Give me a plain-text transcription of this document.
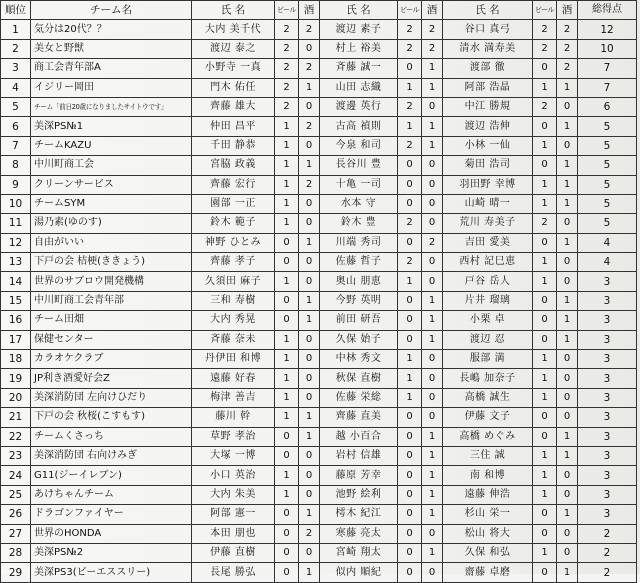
順位	チーム名	氏 名	ビール	酒	氏 名	ビール	酒	氏 名	ビール	酒	総得点
1	気分は20代？？	大内 美千代	2	2	渡辺 素子	2	2	谷口 真弓	2	2	12
2	美女と野獣	渡辺 泰之	2	0	村上 裕美	2	2	清水 満寿美	2	2	10
3	商工会青年部A	小野寺 一真	2	2	斉藤 誠一	0	1	渡部 徹	0	2	7
4	イジリー岡田	門木 佑任	2	1	山田 志織	1	1	阿部 浩晶	1	1	7
5	チーム「前日20歳になりましたサイトウです」	齊藤 雄大	2	0	渡邊 英行	2	0	中江 勝規	2	0	6
6	美深PS№1	仲田 昌平	1	2	古高 禎則	1	1	渡辺 浩伸	0	1	5
7	チームKAZU	千田 静恭	1	0	今泉 和司	2	1	小林 一仙	1	0	5
8	中川町商工会	宮脇 政義	1	1	長谷川 豊	0	0	菊田 浩司	0	1	5
9	クリーンサービス	齊藤 宏行	1	2	十亀 一司	0	0	羽田野 幸博	1	1	5
10	チームSYM	園部 一正	1	0	水本 守	0	0	山崎 晴一	1	1	5
11	湯乃素(ゆのす)	鈴木 範子	1	0	鈴木 豊	2	0	荒川 寿美子	2	0	5
12	自由がいい	神野 ひとみ	0	1	川端 秀司	0	2	吉田 愛美	0	1	4
13	下戸の会 桔梗(ききょう)	齊藤 孝子	0	0	佐藤 哲子	2	0	西村 記巳恵	1	0	4
14	世界のサブロウ開発機構	久須田 麻子	1	0	奥山 朋恵	1	0	戸谷 岳人	1	0	3
15	中川町商工会青年部	三和 寿樹	0	1	今野 英明	0	1	片井 瑠璃	0	1	3
16	チーム田畑	大内 秀晃	0	1	前田 研吾	0	1	小栗 卓	0	1	3
17	保健センター	斉藤 奈未	1	0	久保 始子	0	1	渡辺 忍	0	1	3
18	カラオケクラブ	丹伊田 和博	1	0	中林 秀文	1	0	服部 満	1	0	3
19	JP利き酒愛好会Z	遠藤 好春	1	0	秋保 直樹	1	0	長嶋 加奈子	1	0	3
20	美深消防団 左向けひだり	梅津 善吉	1	0	佐藤 栄総	1	0	高橋 誠生	1	0	3
21	下戸の会 秋桜(こすもす)	藤川 幹	1	1	齊藤 直美	0	0	伊藤 文子	0	0	3
22	チームくさっち	草野 孝治	0	1	越 小百合	0	1	高橋 めぐみ	0	1	3
23	美深消防団 右向けみぎ	大塚 一博	0	0	岩村 信雄	0	1	三住 誠	1	1	3
24	G11(ジーイレブン)	小口 英治	1	0	藤原 芳幸	0	1	南 和博	1	0	3
25	あけちゃんチーム	大内 朱美	1	0	池野 絵利	0	1	遠藤 伸浩	1	0	3
26	ドラゴンファイヤー	阿部 憲一	0	1	樗木 紀江	0	1	杉山 栄一	0	1	3
27	世界のHONDA	本田 朋也	0	2	寒藤 亮太	0	0	松山 将大	0	0	2
28	美深PS№2	伊藤 直樹	0	0	宮崎 翔太	0	1	久保 和弘	1	0	2
29	美深PS3(ビーエススリー)	長尾 勝弘	0	1	似内 順紀	0	0	齋藤 卓磨	0	1	2
